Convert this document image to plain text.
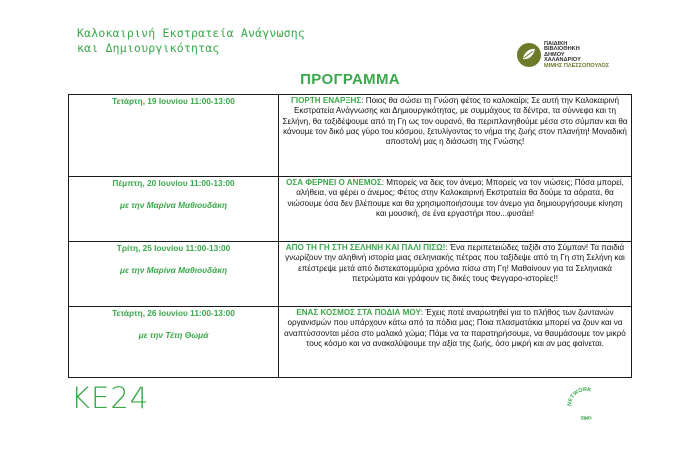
Καλοκαιρινή Εκστρατεία Ανάγνωσης
και Δημιουργικότητας	ΠΑΙΔΙΚΗ
ΒΙΒΛΙΟΘΗΚΗ
ΔΗΜΟΥ
ΧΑΛΑΝΔΡΙΟΥ
ΜΙΜΗΣ ΠΛΕΣΣΟΠΟΥΛΟΣ
ΠΡΟΓΡΑΜΜΑ
Τετάρτη, 19 Ιουνίου 11:00-13:00	ΓΙΟΡΤΗ ΕΝΑΡΞΗΣ: Ποιος θα σώσει τη Γνώση φέτος το καλοκαίρι; Σε αυτή την Καλοκαιρινή Εκστρατεία Ανάγνωσης και Δημιουργικότητας, με συμμάχους τα δέντρα, τα σύννεφα και τη Σελήνη, θα ταξιδέψουμε από τη Γη ως τον ουρανό, θα περιπλανηθούμε μέσα στο σύμπαν και θα κάνουμε τον δικό μας γύρο του κόσμου, ξετυλίγοντας το νήμα της ζωής στον πλανήτη! Μοναδική αποστολή μας η διάσωση της Γνώσης!

Πέμπτη, 20 Ιουνίου 11:00-13:00
με την Μαρίνα Μαθιουδάκη	ΟΣΑ ΦΕΡΝΕΙ Ο ΑΝΕΜΟΣ: Μπορείς να δεις τον άνεμο; Μπορείς να τον νιώσεις; Πόσα μπορεί, αλήθεια, να φέρει ο άνεμος; Φέτος στην Καλοκαιρινή Εκστρατεία θα δούμε τα αόρατα, θα νιώσουμε όσα δεν βλέπουμε και θα χρησιμοποιήσουμε τον άνεμο για δημιουργήσουμε κίνηση και μουσική, σε ένα εργαστήρι που...φυσάει!

Τρίτη, 25 Ιουνίου 11:00-13:00
με την Μαρίνα Μαθιουδάκη	ΑΠΟ ΤΗ ΓΗ ΣΤΗ ΣΕΛΗΝΗ ΚΑΙ ΠΑΛΙ ΠΙΣΩ!: Ένα περιπετειώδες ταξίδι στο Σύμπαν! Τα παιδιά γνωρίζουν την αληθινή ιστορία μιας σεληνιακής πέτρας που ταξίδεψε από τη Γη στη Σελήνη και επέστρεψε μετά από διστεκατομμύρια χρόνια πίσω στη Γη! Μαθαίνουν για τα Σεληνιακά πετρώματα και γράφουν τις δικές τους Φεγγαρο-ιστορίες!!

Τετάρτη, 26 Ιουνίου 11:00-13:00
με την Τέτη Θωμά	ΕΝΑΣ ΚΟΣΜΟΣ ΣΤΑ ΠΟΔΙΑ ΜΟΥ: Έχεις ποτέ αναρωτηθεί για το πλήθος των ζωντανών οργανισμών που υπάρχουν κάτω από τα πόδια μας; Ποια πλασματάκια μπορεί να ζουν και να αναπτύσσονται μέσα στο μαλακό χώμα; Πάμε να τα παρατηρήσουμε, να θαυμάσουμε τον μικρό τους κόσμο και να ανακαλύψουμε την αξία της ζωής, όσο μικρή και αν μας φαίνεται.
ΚΕ24	NETWORK
SING
